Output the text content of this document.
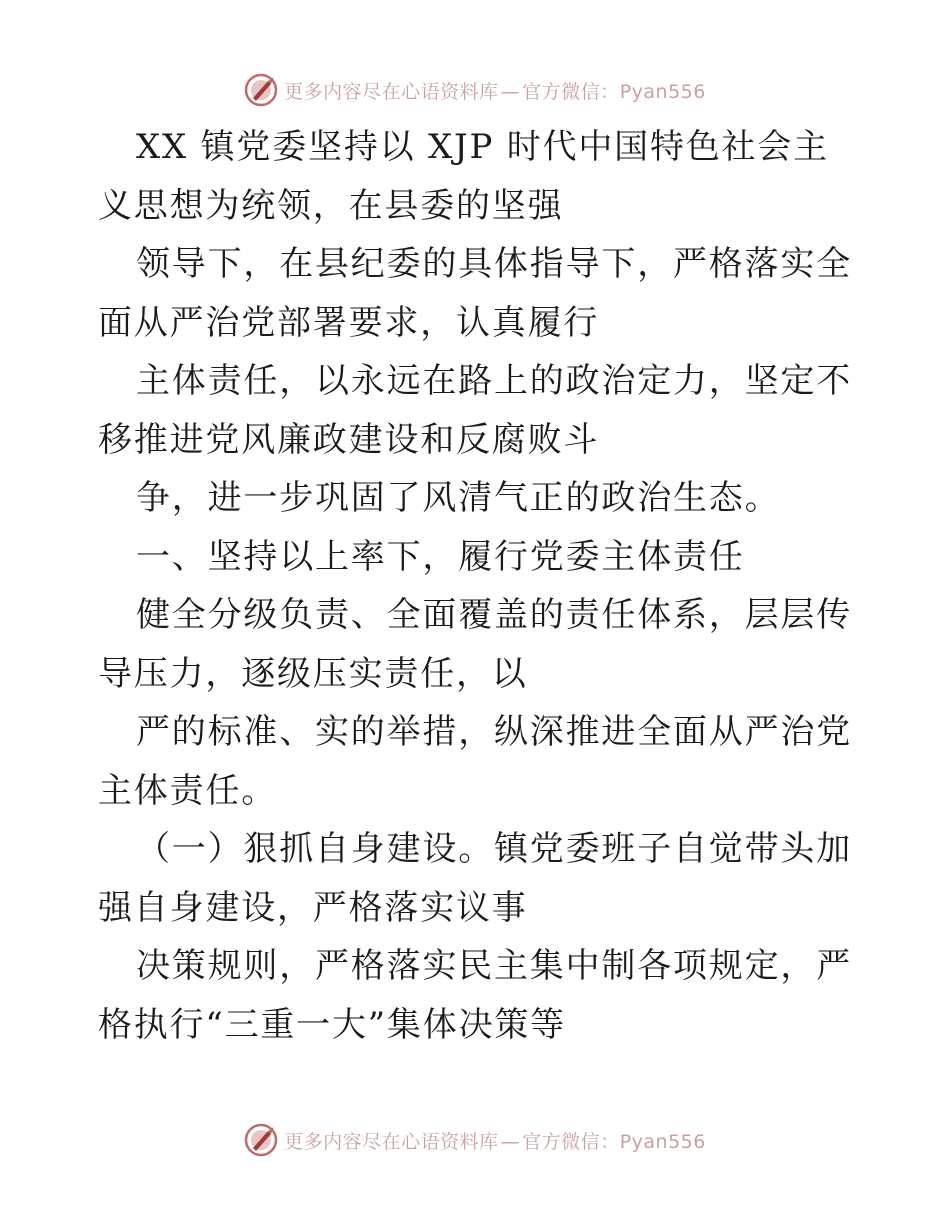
更多内容尽在心语资料库 — 官方微信：Pyan556

XX 镇党委坚持以 XJP 时代中国特色社会主义思想为统领，在县委的坚强

领导下，在县纪委的具体指导下，严格落实全面从严治党部署要求，认真履行

主体责任，以永远在路上的政治定力，坚定不移推进党风廉政建设和反腐败斗

争，进一步巩固了风清气正的政治生态。

一、坚持以上率下，履行党委主体责任

健全分级负责、全面覆盖的责任体系，层层传导压力，逐级压实责任，以

严的标准、实的举措，纵深推进全面从严治党主体责任。

（一）狠抓自身建设。镇党委班子自觉带头加强自身建设，严格落实议事

决策规则，严格落实民主集中制各项规定，严格执行“三重一大”集体决策等

更多内容尽在心语资料库 — 官方微信：Pyan556
